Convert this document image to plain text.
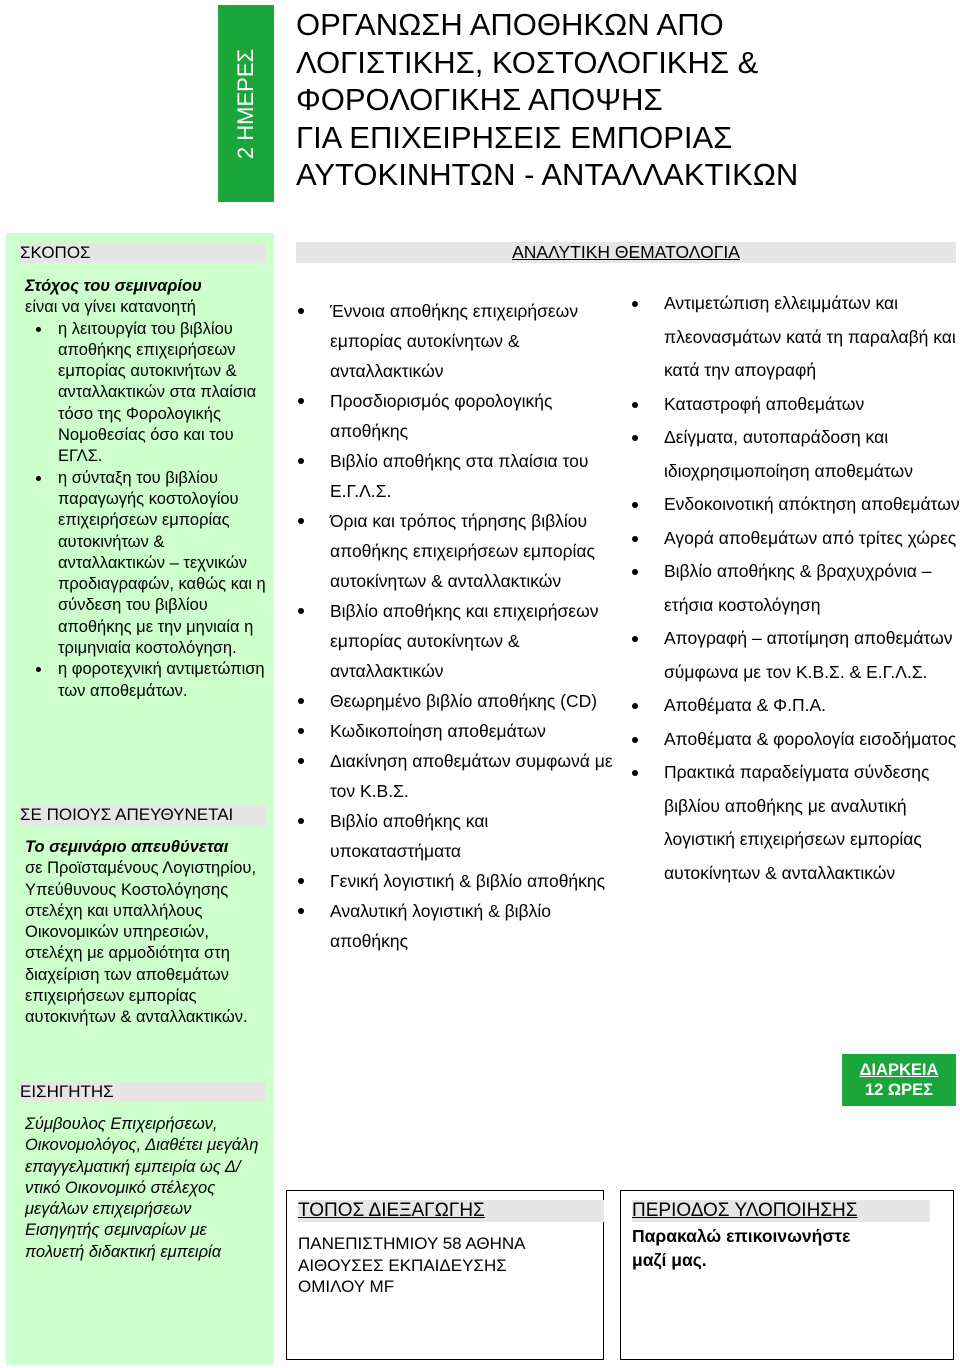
2 ΗΜΕΡΕΣ
ΟΡΓΑΝΩΣΗ ΑΠΟΘΗΚΩΝ ΑΠΟ
ΛΟΓΙΣΤΙΚΗΣ, ΚΟΣΤΟΛΟΓΙΚΗΣ &
ΦΟΡΟΛΟΓΙΚΗΣ ΑΠΟΨΗΣ
ΓΙΑ ΕΠΙΧΕΙΡΗΣΕΙΣ ΕΜΠΟΡΙΑΣ
ΑΥΤΟΚΙΝΗΤΩΝ - ΑΝΤΑΛΛΑΚΤΙΚΩΝ
ΣΚΟΠΟΣ
Στόχος του σεμιναρίου
είναι να γίνει κατανοητή
η λειτουργία του βιβλίου αποθήκης επιχειρήσεων εμπορίας αυτοκινήτων & ανταλλακτικών στα πλαίσια τόσο της Φορολογικής Νομοθεσίας όσο και του ΕΓΛΣ.
η σύνταξη του βιβλίου παραγωγής κοστολογίου επιχειρήσεων εμπορίας αυτοκινήτων & ανταλλακτικών – τεχνικών προδιαγραφών, καθώς και η σύνδεση του βιβλίου αποθήκης με την μηνιαία η τριμηνιαία κοστολόγηση.
η φοροτεχνική αντιμετώπιση των αποθεμάτων.
ΣΕ ΠΟΙΟΥΣ ΑΠΕΥΘΥΝΕΤΑΙ
Το σεμινάριο απευθύνεται
σε Προϊσταμένους Λογιστηρίου, Υπεύθυνους Κοστολόγησης στελέχη και υπαλλήλους Οικονομικών υπηρεσιών, στελέχη με αρμοδιότητα στη διαχείριση των αποθεμάτων επιχειρήσεων εμπορίας αυτοκινήτων & ανταλλακτικών.
ΕΙΣΗΓΗΤΗΣ
Σύμβουλος Επιχειρήσεων, Οικονομολόγος, Διαθέτει μεγάλη επαγγελματική εμπειρία ως Δ/ντικό Οικονομικό στέλεχος μεγάλων επιχειρήσεων Εισηγητής σεμιναρίων με πολυετή διδακτική εμπειρία
ΑΝΑΛΥΤΙΚΗ ΘΕΜΑΤΟΛΟΓΙΑ
Έννοια αποθήκης επιχειρήσεων εμπορίας αυτοκίνητων & ανταλλακτικών
Προσδιορισμός φορολογικής αποθήκης
Βιβλίο αποθήκης στα πλαίσια του Ε.Γ.Λ.Σ.
Όρια και τρόπος τήρησης βιβλίου αποθήκης επιχειρήσεων εμπορίας αυτοκίνητων & ανταλλακτικών
Βιβλίο αποθήκης και επιχειρήσεων εμπορίας αυτοκίνητων & ανταλλακτικών
Θεωρημένο βιβλίο αποθήκης (CD)
Κωδικοποίηση αποθεμάτων
Διακίνηση αποθεμάτων συμφωνά με τον Κ.Β.Σ.
Βιβλίο αποθήκης και υποκαταστήματα
Γενική λογιστική & βιβλίο αποθήκης
Αναλυτική λογιστική & βιβλίο αποθήκης
Αντιμετώπιση ελλειμμάτων και πλεονασμάτων κατά τη παραλαβή και κατά την απογραφή
Καταστροφή αποθεμάτων
Δείγματα, αυτοπαράδοση και ιδιοχρησιμοποίηση αποθεμάτων
Ενδοκοινοτική απόκτηση αποθεμάτων
Αγορά αποθεμάτων από τρίτες χώρες
Βιβλίο αποθήκης & βραχυχρόνια – ετήσια κοστολόγηση
Απογραφή – αποτίμηση αποθεμάτων σύμφωνα με τον Κ.Β.Σ. & Ε.Γ.Λ.Σ.
Αποθέματα & Φ.Π.Α.
Αποθέματα & φορολογία εισοδήματος
Πρακτικά παραδείγματα σύνδεσης βιβλίου αποθήκης με αναλυτική λογιστική επιχειρήσεων εμπορίας αυτοκίνητων & ανταλλακτικών
ΔΙΑΡΚΕΙΑ
12 ΩΡΕΣ
ΤΟΠΟΣ ΔΙΕΞΑΓΩΓΗΣ
ΠΑΝΕΠΙΣΤΗΜΙΟΥ 58 ΑΘΗΝΑ
ΑΙΘΟΥΣΕΣ ΕΚΠΑΙΔΕΥΣΗΣ
ΟΜΙΛΟΥ MF
ΠΕΡΙΟΔΟΣ ΥΛΟΠΟΙΗΣΗΣ
Παρακαλώ επικοινωνήστε
μαζί μας.
